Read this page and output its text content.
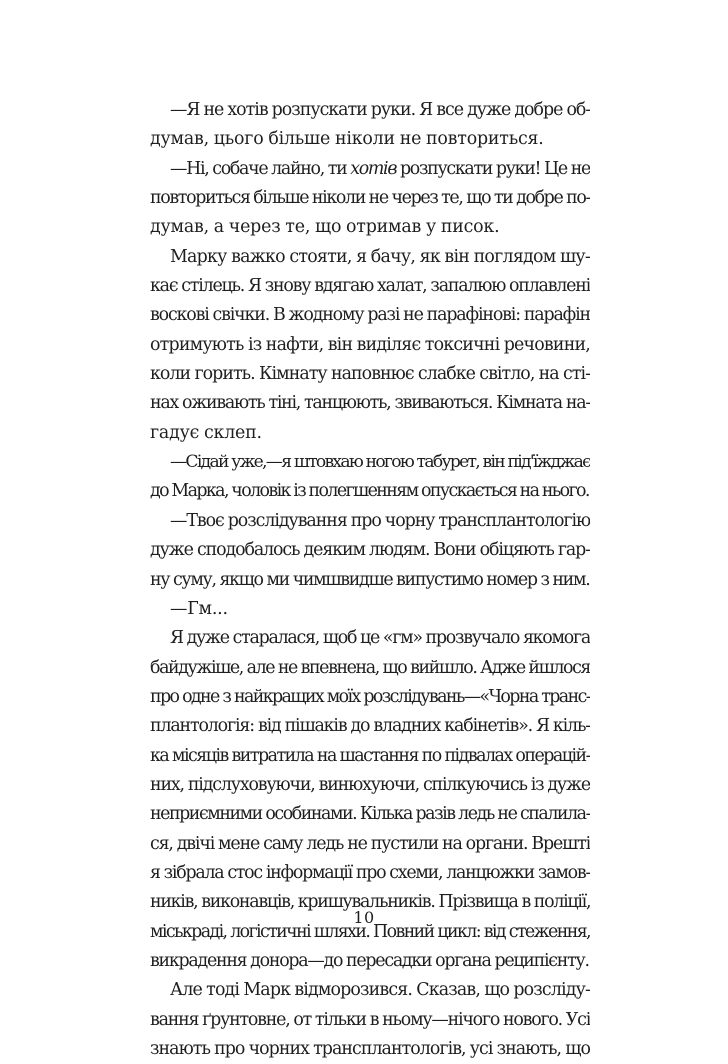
—Я не хотів розпускати руки. Я все дуже добре об-
думав, цього більше ніколи не повториться.
—Ні, собаче лайно, ти хотів розпускати руки! Це не
повториться більше ніколи не через те, що ти добре по-
думав, а через те, що отримав у писок.
Марку важко стояти, я бачу, як він поглядом шу-
кає стілець. Я знову вдягаю халат, запалюю оплавлені
воскові свічки. В жодному разі не парафінові: парафін
отримують із нафти, він виділяє токсичні речовини,
коли горить. Кімнату наповнює слабке світло, на сті-
нах оживають тіні, танцюють, звиваються. Кімната на-
гадує склеп.
—Сідай уже,—я штовхаю ногою табурет, він під'їжджає
до Марка, чоловік із полегшенням опускається на нього.
—Твоє розслідування про чорну трансплантологію
дуже сподобалось деяким людям. Вони обіцяють гар-
ну суму, якщо ми чимшвидше випустимо номер з ним.
—Гм...
Я дуже старалася, щоб це «гм» прозвучало якомога
байдужіше, але не впевнена, що вийшло. Адже йшлося
про одне з найкращих моїх розслідувань—«Чорна транс-
плантологія: від пішаків до владних кабінетів». Я кіль-
ка місяців витратила на шастання по підвалах операцій-
них, підслуховуючи, винюхуючи, спілкуючись із дуже
неприємними особинами. Кілька разів ледь не спалила-
ся, двічі мене саму ледь не пустили на органи. Врешті
я зібрала стос інформації про схеми, ланцюжки замов-
ників, виконавців, кришувальників. Прізвища в поліції,
міськраді, логістичні шляхи. Повний цикл: від стеження,
викрадення донора—до пересадки органа реципієнту.
Але тоді Марк відморозився. Сказав, що розсліду-
вання ґрунтовне, от тільки в ньому—нічого нового. Усі
знають про чорних трансплантологів, усі знають, що
10
